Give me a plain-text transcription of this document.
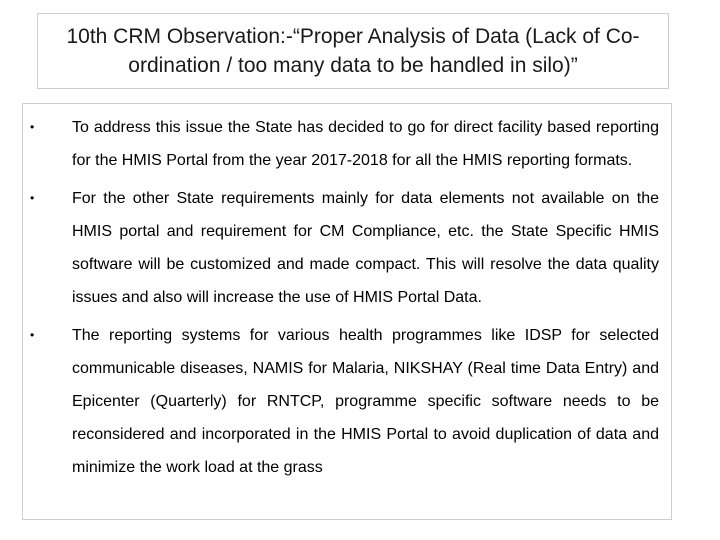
10th CRM Observation:-“Proper Analysis of Data (Lack of Co-ordination / too many data to be handled in silo)”
• To address this issue the State has decided to go for direct facility based reporting for the HMIS Portal from the year 2017-2018 for all the HMIS reporting formats.
• For the other State requirements mainly for data elements not available on the HMIS portal and requirement for CM Compliance, etc. the State Specific HMIS software will be customized and made compact. This will resolve the data quality issues and also will increase the use of HMIS Portal Data.
• The reporting systems for various health programmes like IDSP for selected communicable diseases, NAMIS for Malaria, NIKSHAY (Real time Data Entry) and Epicenter (Quarterly) for RNTCP, programme specific software needs to be reconsidered and incorporated in the HMIS Portal to avoid duplication of data and minimize the work load at the grass
